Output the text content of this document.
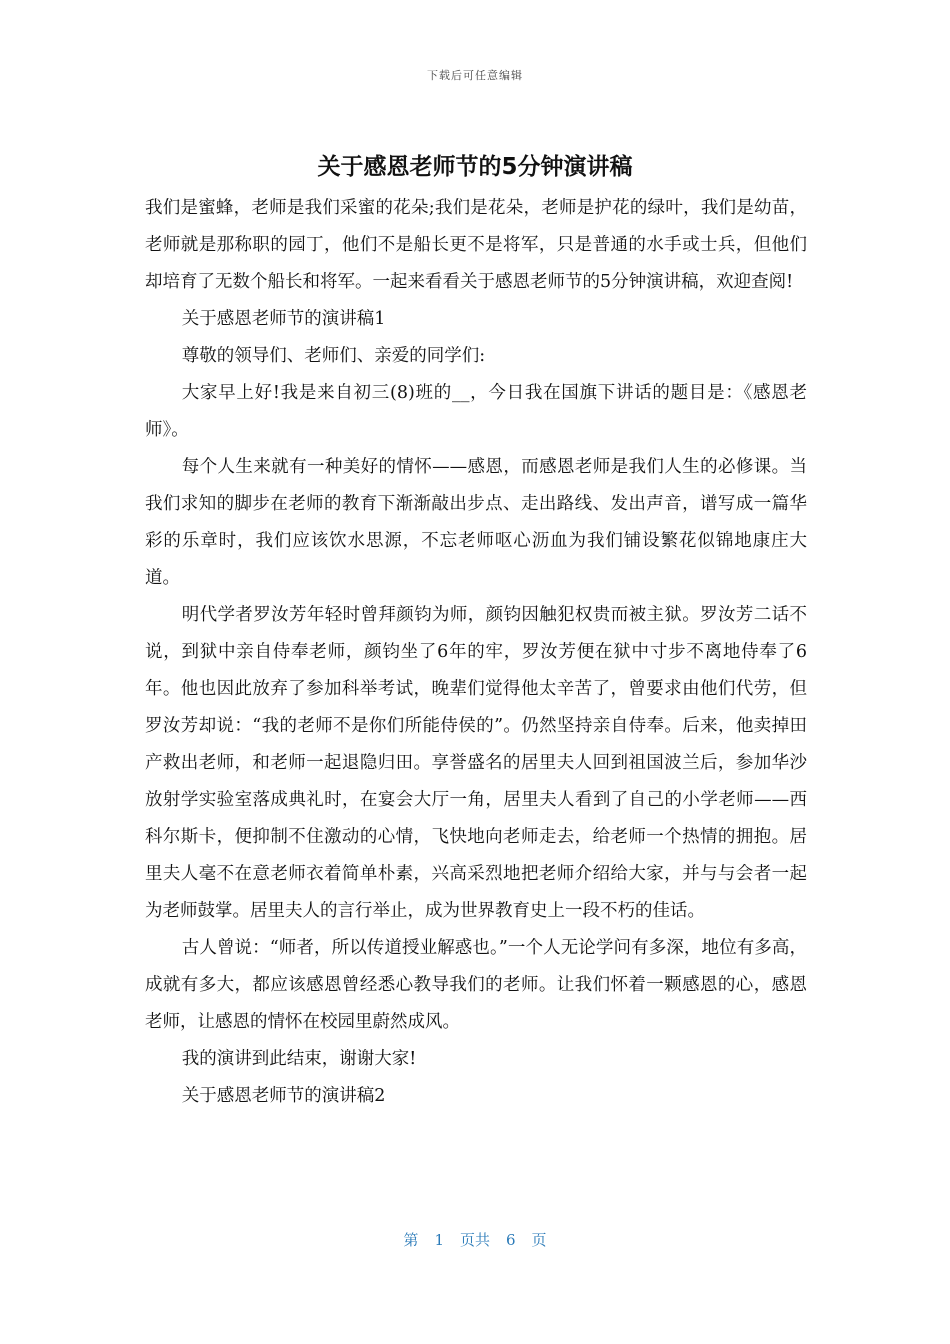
下载后可任意编辑
关于感恩老师节的5分钟演讲稿

我们是蜜蜂，老师是我们采蜜的花朵;我们是花朵，老师是护花的绿叶，我们是幼苗，老师就是那称职的园丁，他们不是船长更不是将军，只是普通的水手或士兵，但他们却培育了无数个船长和将军。一起来看看关于感恩老师节的5分钟演讲稿，欢迎查阅!

关于感恩老师节的演讲稿1

尊敬的领导们、老师们、亲爱的同学们:

大家早上好!我是来自初三(8)班的__，今日我在国旗下讲话的题目是：《感恩老师》。

每个人生来就有一种美好的情怀——感恩，而感恩老师是我们人生的必修课。当我们求知的脚步在老师的教育下渐渐敲出步点、走出路线、发出声音，谱写成一篇华彩的乐章时，我们应该饮水思源，不忘老师呕心沥血为我们铺设繁花似锦地康庄大道。

明代学者罗汝芳年轻时曾拜颜钧为师，颜钧因触犯权贵而被主狱。罗汝芳二话不说，到狱中亲自侍奉老师，颜钧坐了6年的牢，罗汝芳便在狱中寸步不离地侍奉了6年。他也因此放弃了参加科举考试，晚辈们觉得他太辛苦了，曾要求由他们代劳，但罗汝芳却说：“我的老师不是你们所能侍侯的”。仍然坚持亲自侍奉。后来，他卖掉田产救出老师，和老师一起退隐归田。享誉盛名的居里夫人回到祖国波兰后，参加华沙放射学实验室落成典礼时，在宴会大厅一角，居里夫人看到了自己的小学老师——西科尔斯卡，便抑制不住激动的心情，飞快地向老师走去，给老师一个热情的拥抱。居里夫人毫不在意老师衣着简单朴素，兴高采烈地把老师介绍给大家，并与与会者一起为老师鼓掌。居里夫人的言行举止，成为世界教育史上一段不朽的佳话。

古人曾说：“师者，所以传道授业解惑也。”一个人无论学问有多深，地位有多高，成就有多大，都应该感恩曾经悉心教导我们的老师。让我们怀着一颗感恩的心，感恩老师，让感恩的情怀在校园里蔚然成风。

我的演讲到此结束，谢谢大家!

关于感恩老师节的演讲稿2

第 1 页共 6 页
